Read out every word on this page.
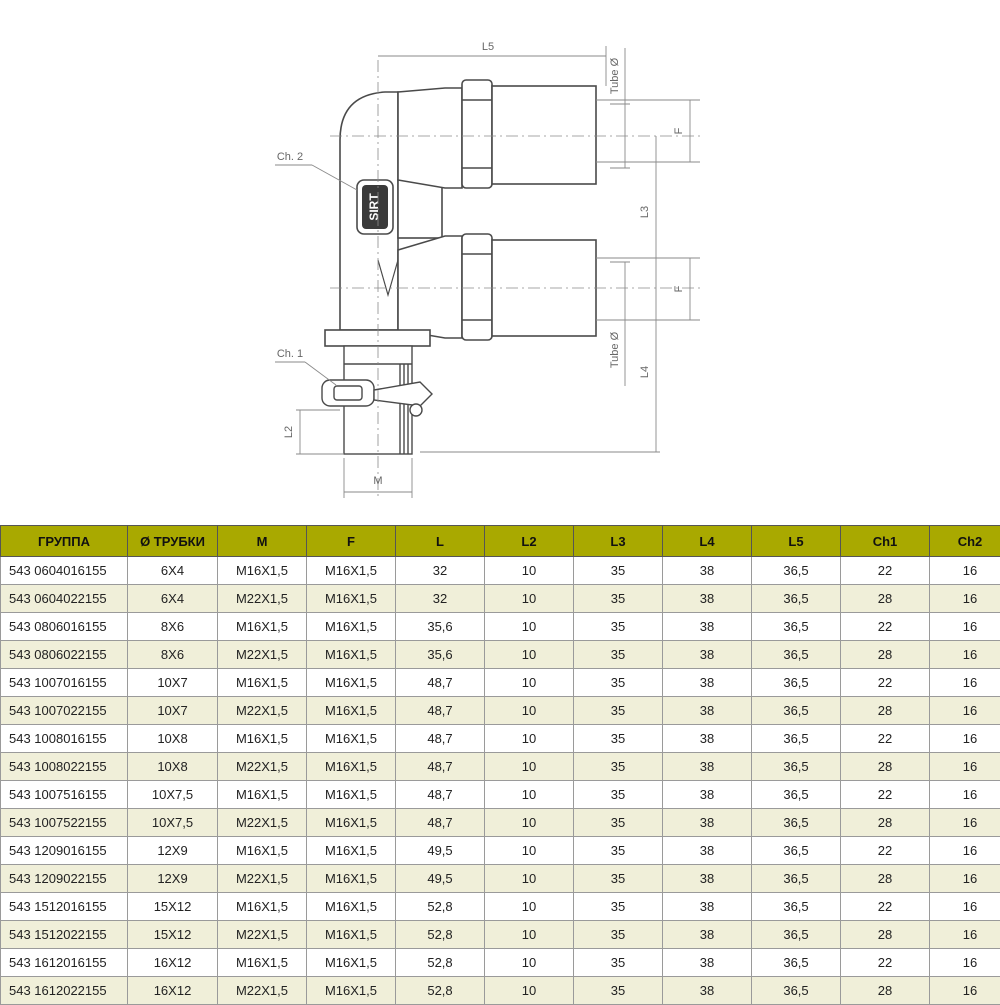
SIRT
L5
Tube Ø
F
L3
F
Tube Ø
L4
Ch. 2
Ch. 1
L2
M
ГРУППА	Ø ТРУБКИ	M	F	L	L2	L3	L4	L5	Ch1	Ch2
543 0604016155	6X4	M16X1,5	M16X1,5	32	10	35	38	36,5	22	16
543 0604022155	6X4	M22X1,5	M16X1,5	32	10	35	38	36,5	28	16
543 0806016155	8X6	M16X1,5	M16X1,5	35,6	10	35	38	36,5	22	16
543 0806022155	8X6	M22X1,5	M16X1,5	35,6	10	35	38	36,5	28	16
543 1007016155	10X7	M16X1,5	M16X1,5	48,7	10	35	38	36,5	22	16
543 1007022155	10X7	M22X1,5	M16X1,5	48,7	10	35	38	36,5	28	16
543 1008016155	10X8	M16X1,5	M16X1,5	48,7	10	35	38	36,5	22	16
543 1008022155	10X8	M22X1,5	M16X1,5	48,7	10	35	38	36,5	28	16
543 1007516155	10X7,5	M16X1,5	M16X1,5	48,7	10	35	38	36,5	22	16
543 1007522155	10X7,5	M22X1,5	M16X1,5	48,7	10	35	38	36,5	28	16
543 1209016155	12X9	M16X1,5	M16X1,5	49,5	10	35	38	36,5	22	16
543 1209022155	12X9	M22X1,5	M16X1,5	49,5	10	35	38	36,5	28	16
543 1512016155	15X12	M16X1,5	M16X1,5	52,8	10	35	38	36,5	22	16
543 1512022155	15X12	M22X1,5	M16X1,5	52,8	10	35	38	36,5	28	16
543 1612016155	16X12	M16X1,5	M16X1,5	52,8	10	35	38	36,5	22	16
543 1612022155	16X12	M22X1,5	M16X1,5	52,8	10	35	38	36,5	28	16
